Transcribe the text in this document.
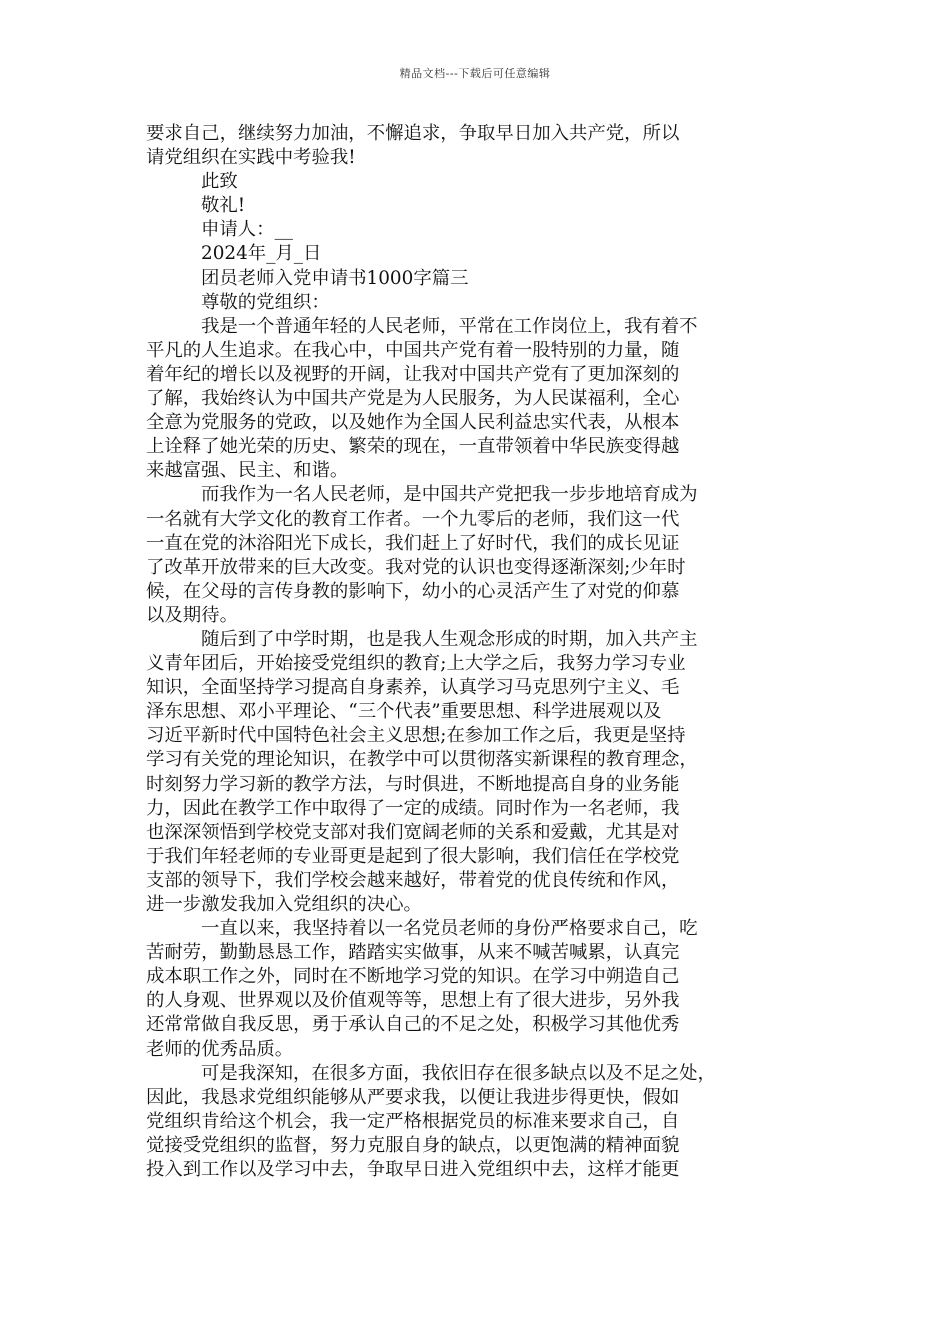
精品文档---下载后可任意编辑
要求自己，继续努力加油，不懈追求，争取早日加入共产党，所以
请党组织在实践中考验我!
此致
敬礼!
申请人：__
2024年_月_日
团员老师入党申请书1000字篇三
尊敬的党组织：
我是一个普通年轻的人民老师，平常在工作岗位上，我有着不
平凡的人生追求。在我心中，中国共产党有着一股特别的力量，随
着年纪的增长以及视野的开阔，让我对中国共产党有了更加深刻的
了解，我始终认为中国共产党是为人民服务，为人民谋福利，全心
全意为党服务的党政，以及她作为全国人民利益忠实代表，从根本
上诠释了她光荣的历史、繁荣的现在，一直带领着中华民族变得越
来越富强、民主、和谐。
而我作为一名人民老师，是中国共产党把我一步步地培育成为
一名就有大学文化的教育工作者。一个九零后的老师，我们这一代
一直在党的沐浴阳光下成长，我们赶上了好时代，我们的成长见证
了改革开放带来的巨大改变。我对党的认识也变得逐渐深刻;少年时
候，在父母的言传身教的影响下，幼小的心灵活产生了对党的仰慕
以及期待。
随后到了中学时期，也是我人生观念形成的时期，加入共产主
义青年团后，开始接受党组织的教育;上大学之后，我努力学习专业
知识，全面坚持学习提高自身素养，认真学习马克思列宁主义、毛
泽东思想、邓小平理论、“三个代表”重要思想、科学进展观以及
习近平新时代中国特色社会主义思想;在参加工作之后，我更是坚持
学习有关党的理论知识，在教学中可以贯彻落实新课程的教育理念，
时刻努力学习新的教学方法，与时俱进，不断地提高自身的业务能
力，因此在教学工作中取得了一定的成绩。同时作为一名老师，我
也深深领悟到学校党支部对我们宽阔老师的关系和爱戴，尤其是对
于我们年轻老师的专业哥更是起到了很大影响，我们信任在学校党
支部的领导下，我们学校会越来越好，带着党的优良传统和作风，
进一步激发我加入党组织的决心。
一直以来，我坚持着以一名党员老师的身份严格要求自己，吃
苦耐劳，勤勤恳恳工作，踏踏实实做事，从来不喊苦喊累，认真完
成本职工作之外，同时在不断地学习党的知识。在学习中朔造自己
的人身观、世界观以及价值观等等，思想上有了很大进步，另外我
还常常做自我反思，勇于承认自己的不足之处，积极学习其他优秀
老师的优秀品质。
可是我深知，在很多方面，我依旧存在很多缺点以及不足之处，
因此，我恳求党组织能够从严要求我，以便让我进步得更快，假如
党组织肯给这个机会，我一定严格根据党员的标准来要求自己，自
觉接受党组织的监督，努力克服自身的缺点，以更饱满的精神面貌
投入到工作以及学习中去，争取早日进入党组织中去，这样才能更
